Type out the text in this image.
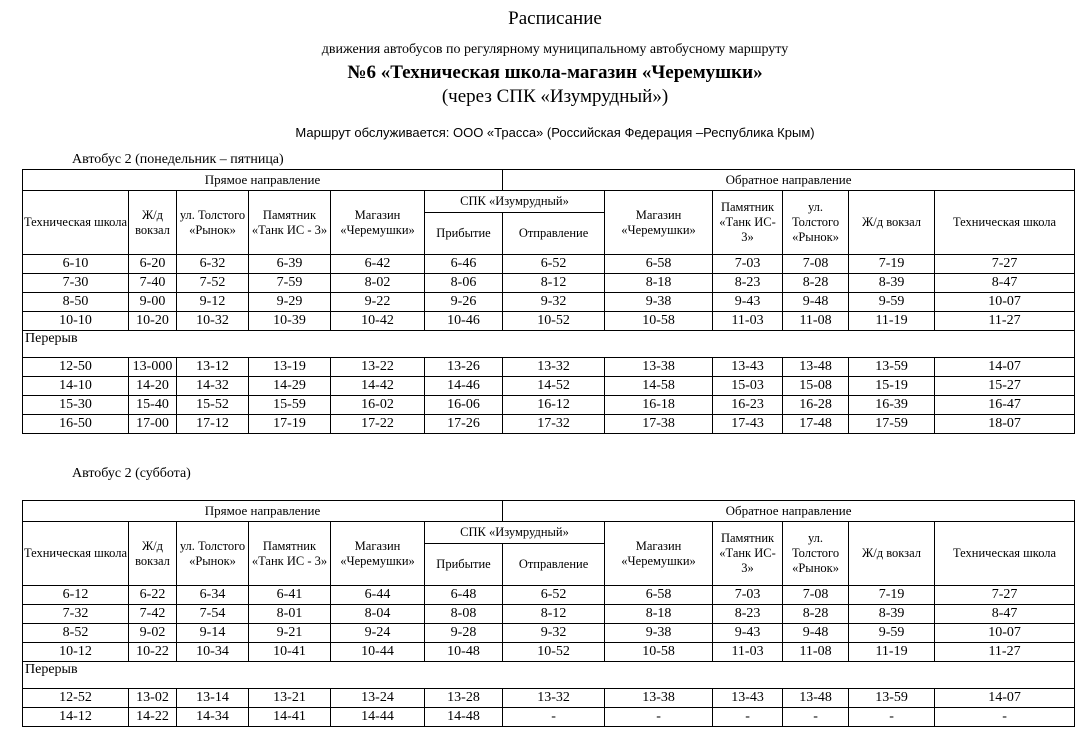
Расписание
движения автобусов по регулярному муниципальному автобусному маршруту
№6 «Техническая школа-магазин «Черемушки»
(через СПК «Изумрудный»)
Маршрут обслуживается: ООО «Трасса» (Российская Федерация –Республика Крым)
Автобус 2 (понедельник – пятница)
Прямое направление						Обратное направление					
Техническая школа	Ж/д вокзал	ул. Толстого «Рынок»	Памятник «Танк ИС - 3»	Магазин «Черемушки»	СПК «Изумрудный»		Магазин «Черемушки»	Памятник «Танк ИС- 3»	ул. Толстого «Рынок»	Ж/д вокзал	Техническая школа
					Прибытие	Отправление					
6-10	6-20	6-32	6-39	6-42	6-46	6-52	6-58	7-03	7-08	7-19	7-27
7-30	7-40	7-52	7-59	8-02	8-06	8-12	8-18	8-23	8-28	8-39	8-47
8-50	9-00	9-12	9-29	9-22	9-26	9-32	9-38	9-43	9-48	9-59	10-07
10-10	10-20	10-32	10-39	10-42	10-46	10-52	10-58	11-03	11-08	11-19	11-27
Перерыв											
12-50	13-000	13-12	13-19	13-22	13-26	13-32	13-38	13-43	13-48	13-59	14-07
14-10	14-20	14-32	14-29	14-42	14-46	14-52	14-58	15-03	15-08	15-19	15-27
15-30	15-40	15-52	15-59	16-02	16-06	16-12	16-18	16-23	16-28	16-39	16-47
16-50	17-00	17-12	17-19	17-22	17-26	17-32	17-38	17-43	17-48	17-59	18-07
Автобус 2 (суббота)
Прямое направление						Обратное направление					
Техническая школа	Ж/д вокзал	ул. Толстого «Рынок»	Памятник «Танк ИС - 3»	Магазин «Черемушки»	СПК «Изумрудный»		Магазин «Черемушки»	Памятник «Танк ИС- 3»	ул. Толстого «Рынок»	Ж/д вокзал	Техническая школа
					Прибытие	Отправление					
6-12	6-22	6-34	6-41	6-44	6-48	6-52	6-58	7-03	7-08	7-19	7-27
7-32	7-42	7-54	8-01	8-04	8-08	8-12	8-18	8-23	8-28	8-39	8-47
8-52	9-02	9-14	9-21	9-24	9-28	9-32	9-38	9-43	9-48	9-59	10-07
10-12	10-22	10-34	10-41	10-44	10-48	10-52	10-58	11-03	11-08	11-19	11-27
Перерыв											
12-52	13-02	13-14	13-21	13-24	13-28	13-32	13-38	13-43	13-48	13-59	14-07
14-12	14-22	14-34	14-41	14-44	14-48	-	-	-	-	-	-
